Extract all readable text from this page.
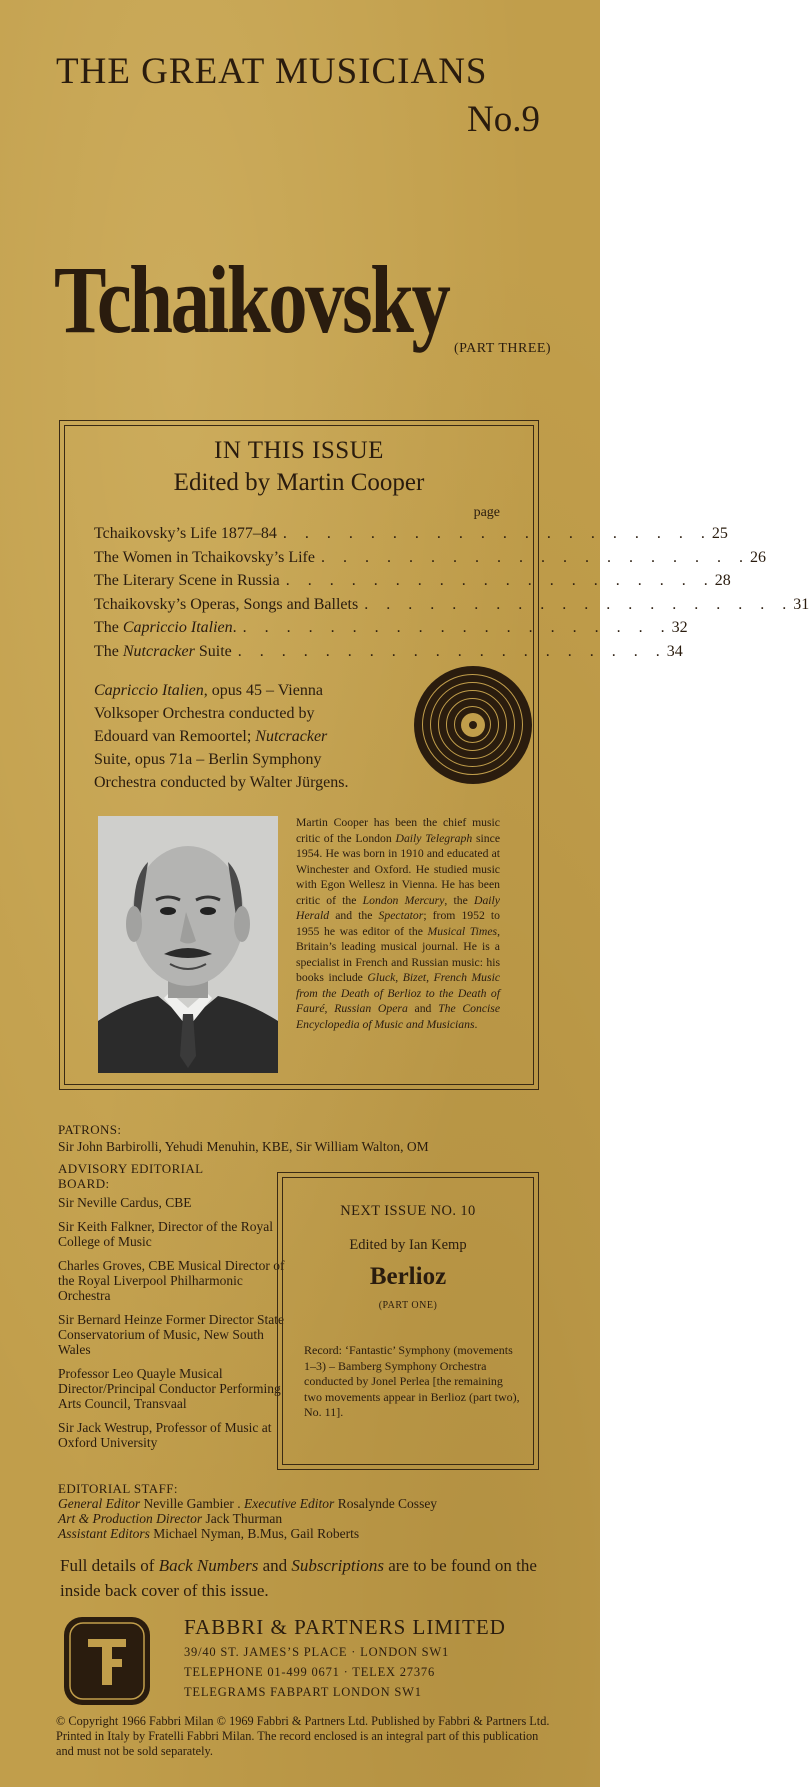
THE GREAT MUSICIANS
No.9
Tchaikovsky (PART THREE)
IN THIS ISSUE
Edited by Martin Cooper
page
Tchaikovsky’s Life 1877–84 . . . . . . . . . . . . . . . . . . . . 25
The Women in Tchaikovsky’s Life . . . . . . . . . . . . . . . . . . . . 26
The Literary Scene in Russia . . . . . . . . . . . . . . . . . . . . 28
Tchaikovsky’s Operas, Songs and Ballets . . . . . . . . . . . . . . . . . . . . 31
The Capriccio Italien. . . . . . . . . . . . . . . . . . . . . 32
The Nutcracker Suite . . . . . . . . . . . . . . . . . . . . 34
Capriccio Italien, opus 45 – Vienna Volksoper Orchestra conducted by Edouard van Remoortel; Nutcracker Suite, opus 71a – Berlin Symphony Orchestra conducted by Walter Jürgens.
Martin Cooper has been the chief music critic of the London Daily Telegraph since 1954. He was born in 1910 and educated at Winchester and Oxford. He studied music with Egon Wellesz in Vienna. He has been critic of the London Mercury, the Daily Herald and the Spectator; from 1952 to 1955 he was editor of the Musical Times, Britain’s leading musical journal. He is a specialist in French and Russian music: his books include Gluck, Bizet, French Music from the Death of Berlioz to the Death of Fauré, Russian Opera and The Concise Encyclopedia of Music and Musicians.
PATRONS:
Sir John Barbirolli, Yehudi Menuhin, KBE, Sir William Walton, OM
ADVISORY EDITORIAL BOARD:
Sir Neville Cardus, CBE
Sir Keith Falkner, Director of the Royal College of Music
Charles Groves, CBE Musical Director of the Royal Liverpool Philharmonic Orchestra
Sir Bernard Heinze Former Director State Conservatorium of Music, New South Wales
Professor Leo Quayle Musical Director/Principal Conductor Performing Arts Council, Transvaal
Sir Jack Westrup, Professor of Music at Oxford University
EDITORIAL STAFF:
General Editor Neville Gambier . Executive Editor Rosalynde Cossey
Art & Production Director Jack Thurman
Assistant Editors Michael Nyman, B.Mus, Gail Roberts
NEXT ISSUE NO. 10
Edited by Ian Kemp
Berlioz
(PART ONE)
Record: ‘Fantastic’ Symphony (movements 1–3) – Bamberg Symphony Orchestra conducted by Jonel Perlea [the remaining two movements appear in Berlioz (part two), No. 11].
Full details of Back Numbers and Subscriptions are to be found on the inside back cover of this issue.
FABBRI & PARTNERS LIMITED
39/40 ST. JAMES’S PLACE · LONDON SW1
TELEPHONE 01-499 0671 · TELEX 27376
TELEGRAMS FABPART LONDON SW1
© Copyright 1966 Fabbri Milan © 1969 Fabbri & Partners Ltd. Published by Fabbri & Partners Ltd. Printed in Italy by Fratelli Fabbri Milan. The record enclosed is an integral part of this publication and must not be sold separately.
